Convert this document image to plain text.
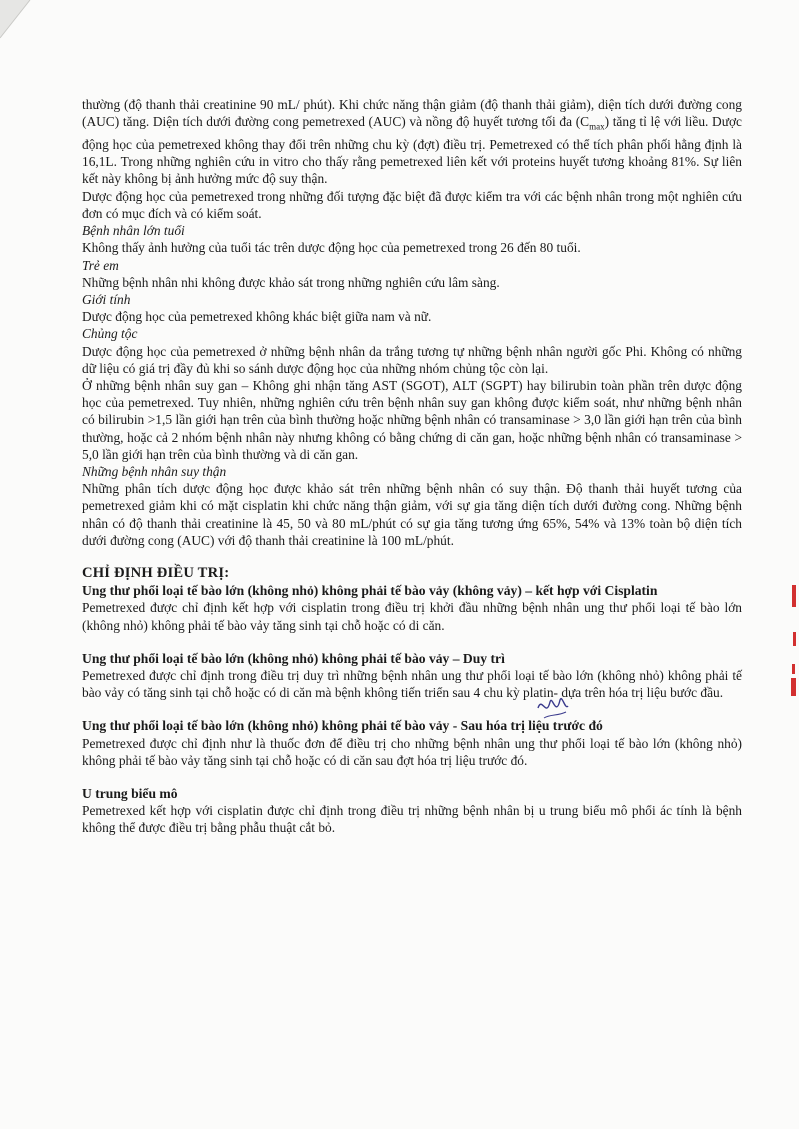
thường (độ thanh thải creatinine 90 mL/ phút). Khi chức năng thận giảm (độ thanh thải giảm), diện tích dưới đường cong (AUC) tăng. Diện tích dưới đường cong pemetrexed (AUC) và nồng độ huyết tương tối đa $(C_{max})$ tăng tỉ lệ với liều. Dược động học của pemetrexed không thay đổi trên những chu kỳ (đợt) điều trị. Pemetrexed có thể tích phân phối hằng định là 16,1L. Trong những nghiên cứu in vitro cho thấy rằng pemetrexed liên kết với proteins huyết tương khoảng 81%. Sự liên kết này không bị ảnh hưởng mức độ suy thận.

Dược động học của pemetrexed trong những đối tượng đặc biệt đã được kiểm tra với các bệnh nhân trong một nghiên cứu đơn có mục đích và có kiểm soát.

Bệnh nhân lớn tuổi

Không thấy ảnh hưởng của tuổi tác trên dược động học của pemetrexed trong 26 đến 80 tuổi.

Trẻ em

Những bệnh nhân nhi không được khảo sát trong những nghiên cứu lâm sàng.

Giới tính

Dược động học của pemetrexed không khác biệt giữa nam và nữ.

Chủng tộc

Dược động học của pemetrexed ở những bệnh nhân da trắng tương tự những bệnh nhân người gốc Phi. Không có những dữ liệu có giá trị đầy đủ khi so sánh dược động học của những nhóm chủng tộc còn lại.

Ở những bệnh nhân suy gan – Không ghi nhận tăng AST (SGOT), ALT (SGPT) hay bilirubin toàn phần trên dược động học của pemetrexed. Tuy nhiên, những nghiên cứu trên bệnh nhân suy gan không được kiểm soát, như những bệnh nhân có bilirubin >1,5 lần giới hạn trên của bình thường hoặc những bệnh nhân có transaminase > 3,0 lần giới hạn trên của bình thường, hoặc cả 2 nhóm bệnh nhân này nhưng không có bằng chứng di căn gan, hoặc những bệnh nhân có transaminase > 5,0 lần giới hạn trên của bình thường và di căn gan.

Những bệnh nhân suy thận

Những phân tích dược động học được khảo sát trên những bệnh nhân có suy thận. Độ thanh thải huyết tương của pemetrexed giảm khi có mặt cisplatin khi chức năng thận giảm, với sự gia tăng diện tích dưới đường cong. Những bệnh nhân có độ thanh thải creatinine là 45, 50 và 80 mL/phút có sự gia tăng tương ứng 65%, 54% và 13% toàn bộ diện tích dưới đường cong (AUC) với độ thanh thải creatinine là 100 mL/phút.

CHỈ ĐỊNH ĐIỀU TRỊ:
Ung thư phổi loại tế bào lớn (không nhỏ) không phải tế bào vảy (không vảy) – kết hợp với Cisplatin

Pemetrexed được chỉ định kết hợp với cisplatin trong điều trị khởi đầu những bệnh nhân ung thư phổi loại tế bào lớn (không nhỏ) không phải tế bào vảy tăng sinh tại chỗ hoặc có di căn.

Ung thư phổi loại tế bào lớn (không nhỏ) không phải tế bào vảy – Duy trì

Pemetrexed được chỉ định trong điều trị duy trì những bệnh nhân ung thư phổi loại tế bào lớn (không nhỏ) không phải tế bào vảy có tăng sinh tại chỗ hoặc có di căn mà bệnh không tiến triển sau 4 chu kỳ platin- dựa trên hóa trị liệu bước đầu.

Ung thư phổi loại tế bào lớn (không nhỏ) không phải tế bào vảy - Sau hóa trị liệu trước đó

Pemetrexed được chỉ định như là thuốc đơn để điều trị cho những bệnh nhân ung thư phổi loại tế bào lớn (không nhỏ) không phải tế bào vảy tăng sinh tại chỗ hoặc có di căn sau đợt hóa trị liệu trước đó.

U trung biểu mô

Pemetrexed kết hợp với cisplatin được chỉ định trong điều trị những bệnh nhân bị u trung biểu mô phổi ác tính là bệnh không thể được điều trị bằng phẫu thuật cắt bỏ.
